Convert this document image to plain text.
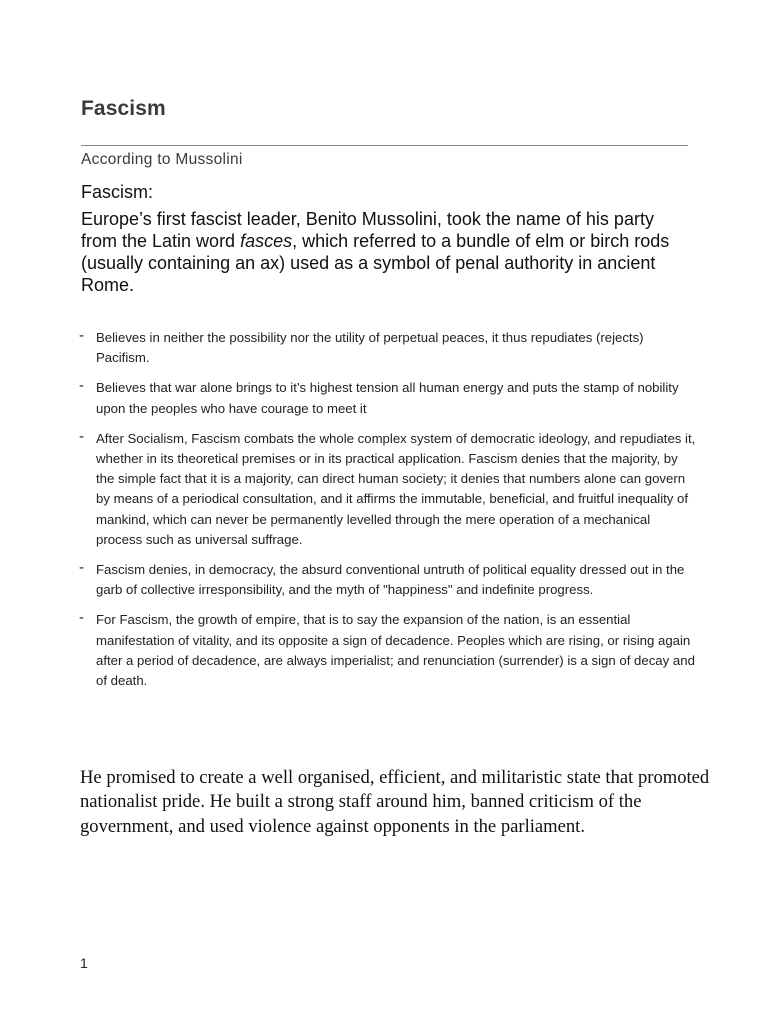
Fascism

According to Mussolini

Fascism:

Europe’s first fascist leader, Benito Mussolini, took the name of his party from the Latin word fasces, which referred to a bundle of elm or birch rods (usually containing an ax) used as a symbol of penal authority in ancient Rome.

- Believes in neither the possibility nor the utility of perpetual peaces, it thus repudiates (rejects) Pacifism.
- Believes that war alone brings to it’s highest tension all human energy and puts the stamp of nobility upon the peoples who have courage to meet it
- After Socialism, Fascism combats the whole complex system of democratic ideology, and repudiates it, whether in its theoretical premises or in its practical application. Fascism denies that the majority, by the simple fact that it is a majority, can direct human society; it denies that numbers alone can govern by means of a periodical consultation, and it affirms the immutable, beneficial, and fruitful inequality of mankind, which can never be permanently levelled through the mere operation of a mechanical process such as universal suffrage.
- Fascism denies, in democracy, the absurd conventional untruth of political equality dressed out in the garb of collective irresponsibility, and the myth of "happiness" and indefinite progress.
- For Fascism, the growth of empire, that is to say the expansion of the nation, is an essential manifestation of vitality, and its opposite a sign of decadence. Peoples which are rising, or rising again after a period of decadence, are always imperialist; and renunciation (surrender) is a sign of decay and of death.

He promised to create a well organised, efficient, and militaristic state that promoted nationalist pride. He built a strong staff around him, banned criticism of the government, and used violence against opponents in the parliament.

1
